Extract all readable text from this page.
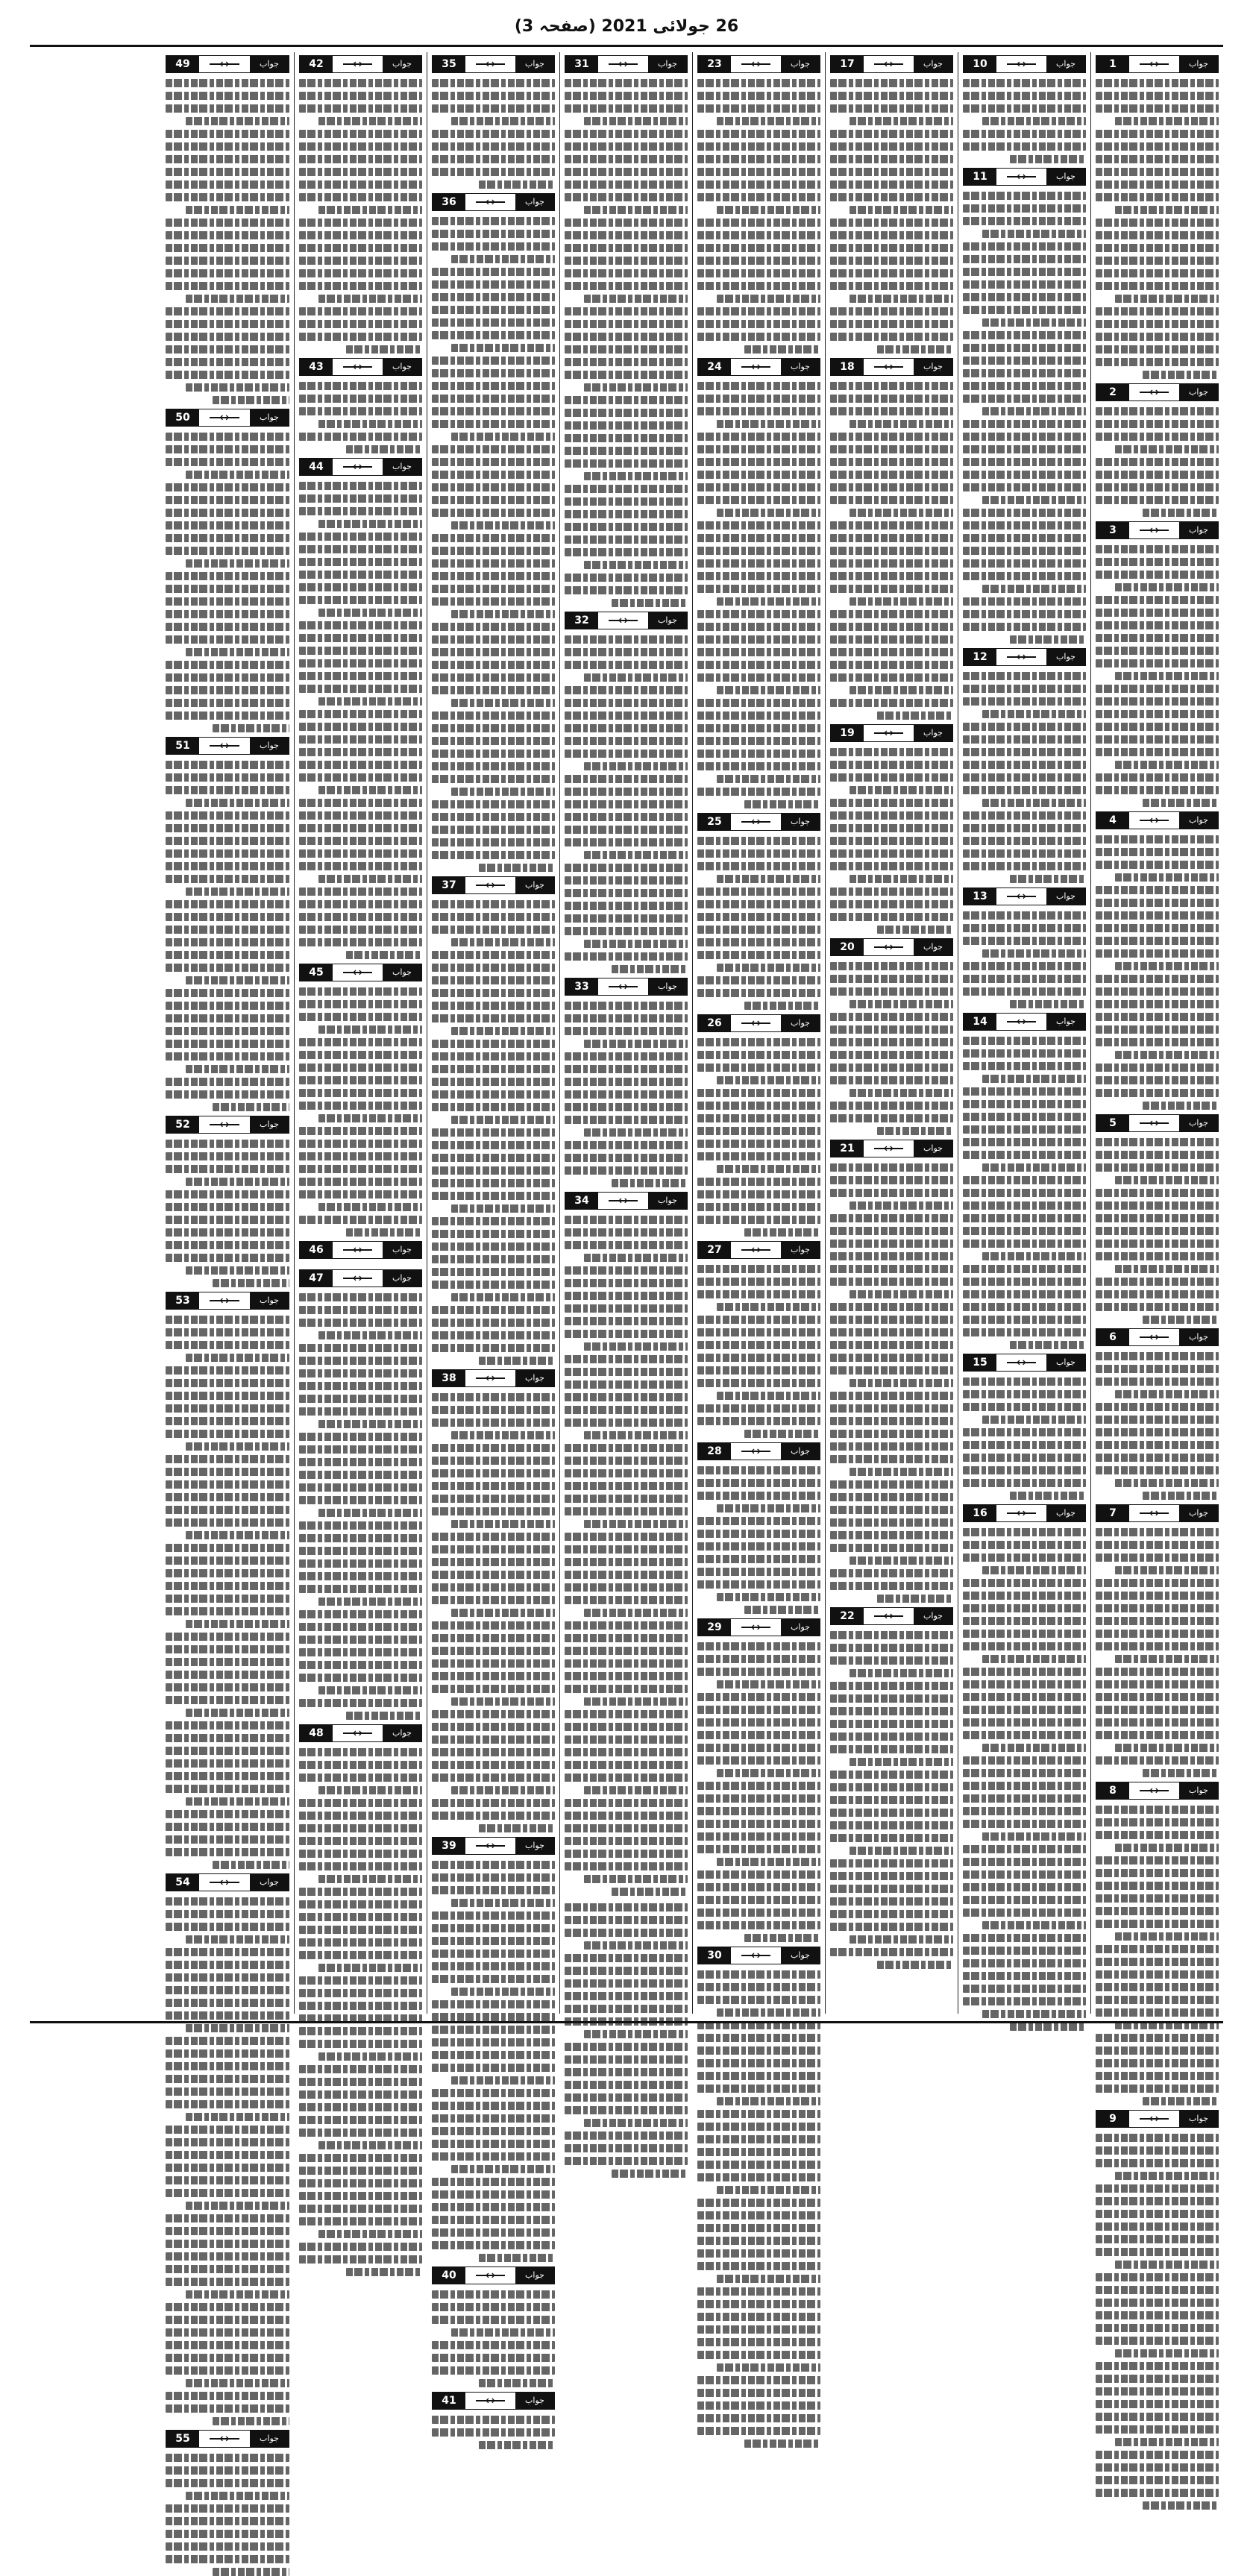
26 جولائی 2021 (صفحہ 3)
جواب
↔
1
جواب
↔
2
جواب
↔
3
جواب
↔
4
جواب
↔
5
جواب
↔
6
جواب
↔
7
جواب
↔
8
جواب
↔
9
جواب
↔
10
جواب
↔
11
جواب
↔
12
جواب
↔
13
جواب
↔
14
جواب
↔
15
جواب
↔
16
جواب
↔
17
جواب
↔
18
جواب
↔
19
جواب
↔
20
جواب
↔
21
جواب
↔
22
جواب
↔
23
جواب
↔
24
جواب
↔
25
جواب
↔
26
جواب
↔
27
جواب
↔
28
جواب
↔
29
جواب
↔
30
جواب
↔
31
جواب
↔
32
جواب
↔
33
جواب
↔
34
جواب
↔
35
جواب
↔
36
جواب
↔
37
جواب
↔
38
جواب
↔
39
جواب
↔
40
جواب
↔
41
جواب
↔
42
جواب
↔
43
جواب
↔
44
جواب
↔
45
جواب
↔
46
جواب
↔
47
جواب
↔
48
جواب
↔
49
جواب
↔
50
جواب
↔
51
جواب
↔
52
جواب
↔
53
جواب
↔
54
جواب
↔
55
